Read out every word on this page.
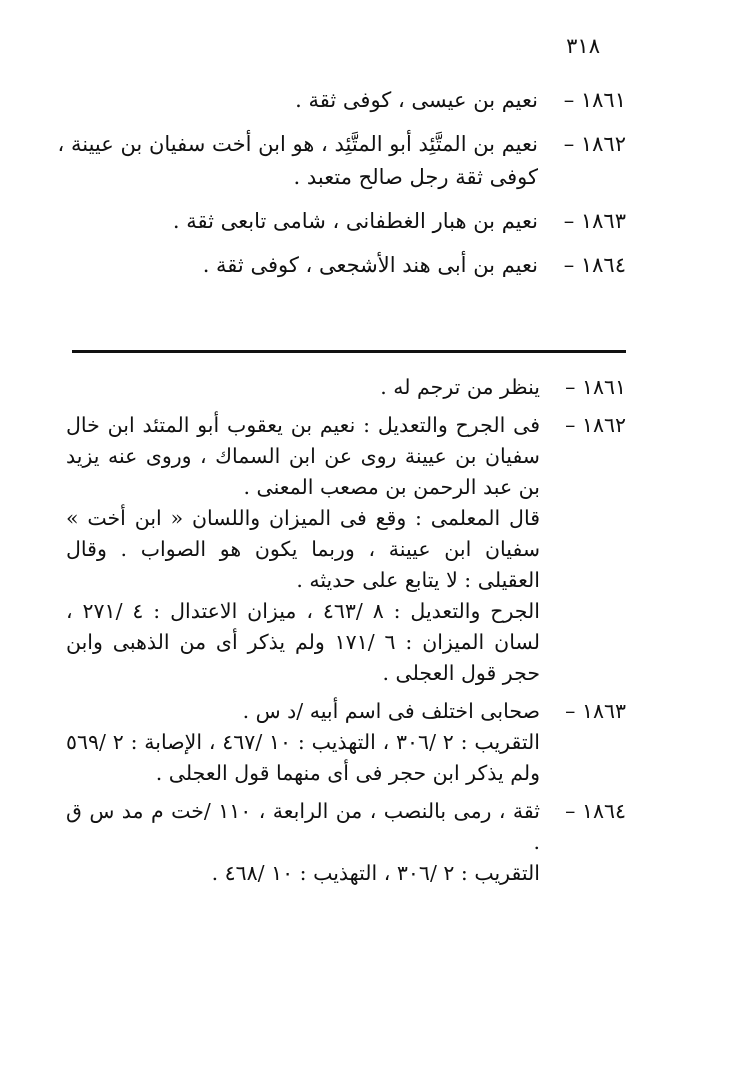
٣١٨
١٨٦١ –
نعيم بن عيسى ، كوفى ثقة .
١٨٦٢ –
نعيم بن المتَّئِد أبو المتَّئِد ، هو ابن أخت سفيان بن عيينة ، كوفى ثقة رجل صالح متعبد .
١٨٦٣ –
نعيم بن هبار الغطفانى ، شامى تابعى ثقة .
١٨٦٤ –
نعيم بن أبى هند الأشجعى ، كوفى ثقة .
١٨٦١ –
ينظر من ترجم له .
١٨٦٢ –
فى الجرح والتعديل : نعيم بن يعقوب أبو المتئد ابن خال سفيان بن عيينة روى عن ابن السماك ، وروى عنه يزيد بن عبد الرحمن بن مصعب المعنى .
قال المعلمى : وقع فى الميزان واللسان « ابن أخت » سفيان ابن عيينة ، وربما يكون هو الصواب . وقال العقيلى : لا يتابع على حديثه .
الجرح والتعديل : ٨ /٤٦٣ ، ميزان الاعتدال : ٤ /٢٧١ ، لسان الميزان : ٦ /١٧١ ولم يذكر أى من الذهبى وابن حجر قول العجلى .
١٨٦٣ –
صحابى اختلف فى اسم أبيه /د س .
التقريب : ٢ /٣٠٦ ، التهذيب : ١٠ /٤٦٧ ، الإصابة : ٢ /٥٦٩ ولم يذكر ابن حجر فى أى منهما قول العجلى .
١٨٦٤ –
ثقة ، رمى بالنصب ، من الرابعة ، ١١٠ /خت م مد س ق .
التقريب : ٢ /٣٠٦ ، التهذيب : ١٠ /٤٦٨ .
